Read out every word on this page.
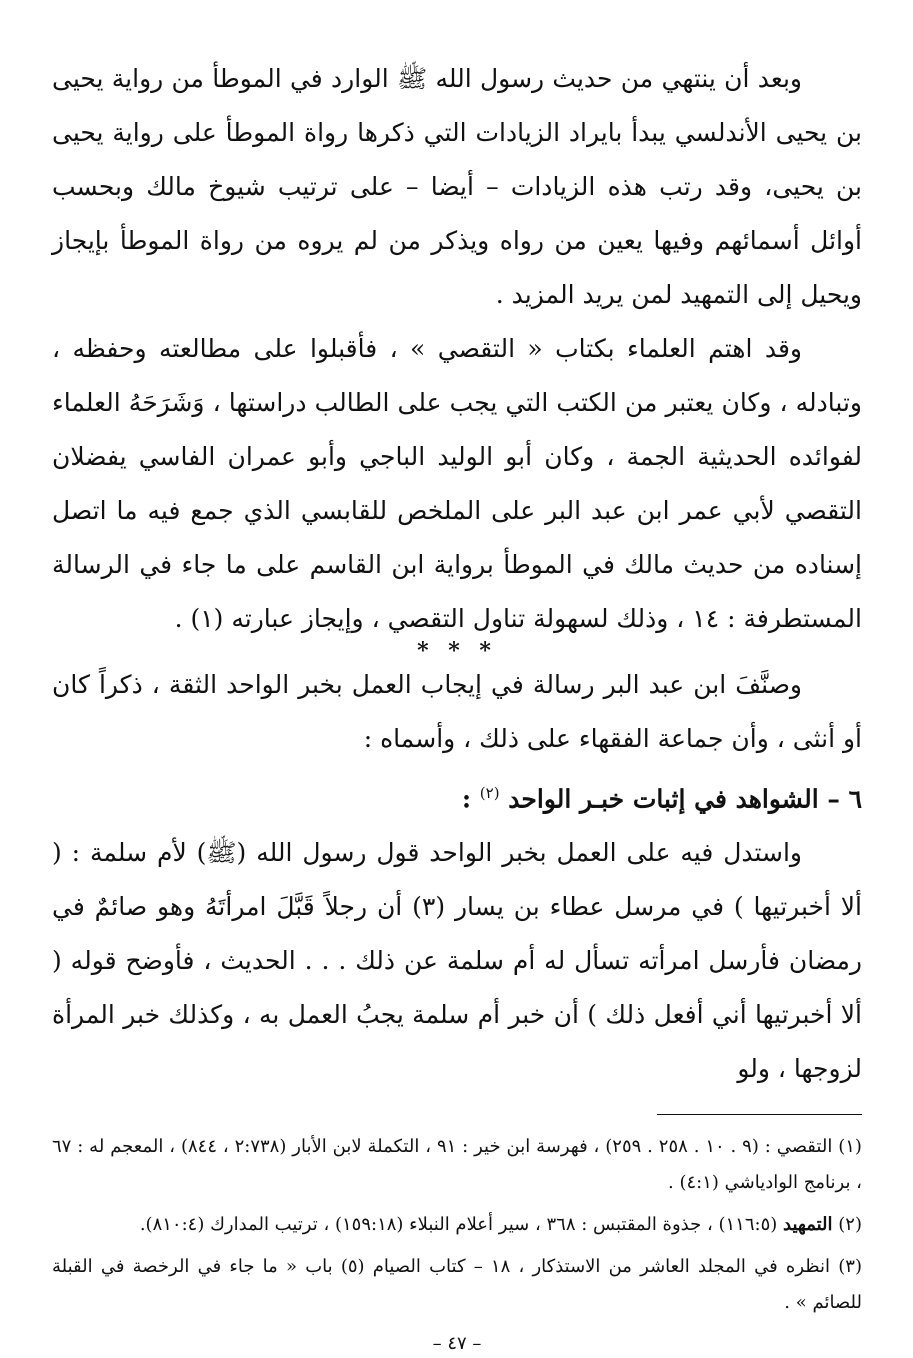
وبعد أن ينتهي من حديث رسول الله ﷺ الوارد في الموطأ من رواية يحيى بن يحيى الأندلسي يبدأ بايراد الزيادات التي ذكرها رواة الموطأ على رواية يحيى بن يحيى، وقد رتب هذه الزيادات – أيضا – على ترتيب شيوخ مالك وبحسب أوائل أسمائهم وفيها يعين من رواه ويذكر من لم يروه من رواة الموطأ بإيجاز ويحيل إلى التمهيد لمن يريد المزيد .

وقد اهتم العلماء بكتاب « التقصي » ، فأقبلوا على مطالعته وحفظه ، وتبادله ، وكان يعتبر من الكتب التي يجب على الطالب دراستها ، وَشَرَحَهُ العلماء لفوائده الحديثية الجمة ، وكان أبو الوليد الباجي وأبو عمران الفاسي يفضلان التقصي لأبي عمر ابن عبد البر على الملخص للقابسي الذي جمع فيه ما اتصل إسناده من حديث مالك في الموطأ برواية ابن القاسم على ما جاء في الرسالة المستطرفة : ١٤ ، وذلك لسهولة تناول التقصي ، وإيجاز عبارته (١) .

* * *

وصنَّفَ ابن عبد البر رسالة في إيجاب العمل بخبر الواحد الثقة ، ذكراً كان أو أنثى ، وأن جماعة الفقهاء على ذلك ، وأسماه :

٦ – الشواهد في إثبات خبـر الواحد $^{(٢)}$ :

واستدل فيه على العمل بخبر الواحد قول رسول الله (ﷺ) لأم سلمة : ( ألا أخبرتيها ) في مرسل عطاء بن يسار (٣) أن رجلاً قَبَّلَ امرأتَهُ وهو صائمٌ في رمضان فأرسل امرأته تسأل له أم سلمة عن ذلك . . . الحديث ، فأوضح قوله ( ألا أخبرتيها أني أفعل ذلك ) أن خبر أم سلمة يجبُ العمل به ، وكذلك خبر المرأة لزوجها ، ولو

(١) التقصي : (٩ . ١٠ . ٢٥٨ . ٢٥٩) ، فهرسة ابن خير : ٩١ ، التكملة لابن الأبار (٢:٧٣٨ ، ٨٤٤) ، المعجم له : ٦٧ ، برنامج الوادياشي (٤:١) .

(٢) التمهيد (١١٦:٥) ، جذوة المقتبس : ٣٦٨ ، سير أعلام النبلاء (١٥٩:١٨) ، ترتيب المدارك (٨١٠:٤).

(٣) انظره في المجلد العاشر من الاستذكار ، ١٨ – كتاب الصيام (٥) باب « ما جاء في الرخصة في القبلة للصائم » .

– ٤٧ –
